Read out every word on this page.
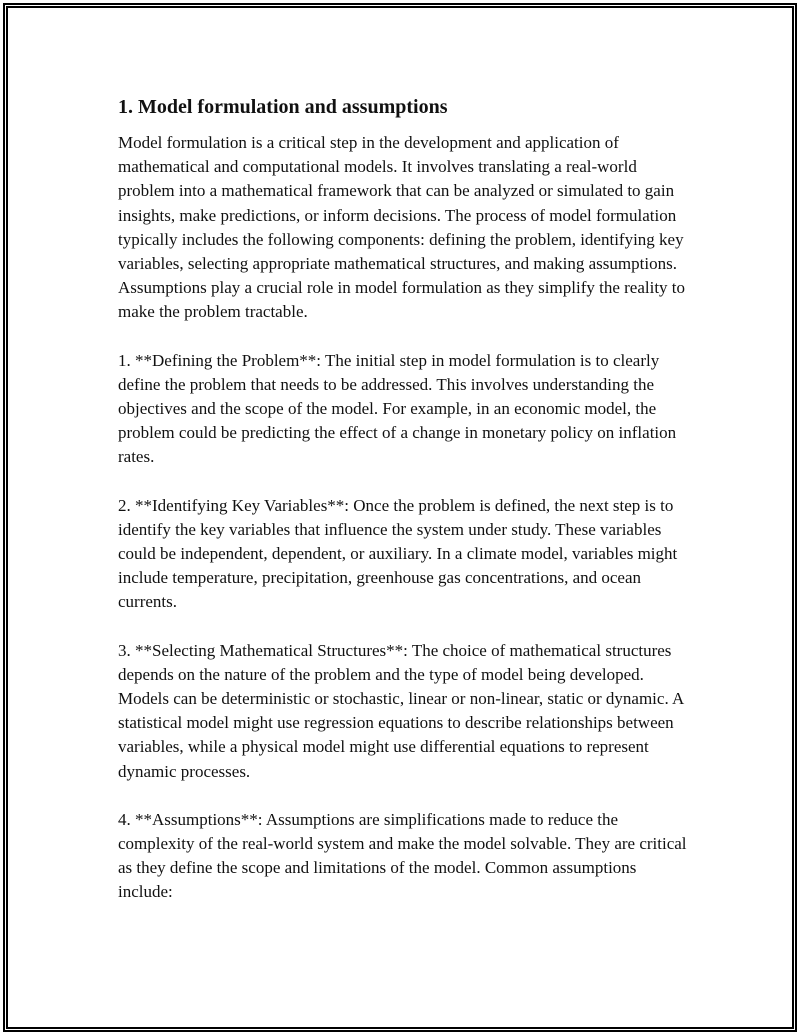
1. Model formulation and assumptions

Model formulation is a critical step in the development and application of mathematical and computational models. It involves translating a real-world problem into a mathematical framework that can be analyzed or simulated to gain insights, make predictions, or inform decisions. The process of model formulation typically includes the following components: defining the problem, identifying key variables, selecting appropriate mathematical structures, and making assumptions. Assumptions play a crucial role in model formulation as they simplify the reality to make the problem tractable.

1. **Defining the Problem**: The initial step in model formulation is to clearly define the problem that needs to be addressed. This involves understanding the objectives and the scope of the model. For example, in an economic model, the problem could be predicting the effect of a change in monetary policy on inflation rates.

2. **Identifying Key Variables**: Once the problem is defined, the next step is to identify the key variables that influence the system under study. These variables could be independent, dependent, or auxiliary. In a climate model, variables might include temperature, precipitation, greenhouse gas concentrations, and ocean currents.

3. **Selecting Mathematical Structures**: The choice of mathematical structures depends on the nature of the problem and the type of model being developed. Models can be deterministic or stochastic, linear or non-linear, static or dynamic. A statistical model might use regression equations to describe relationships between variables, while a physical model might use differential equations to represent dynamic processes.

4. **Assumptions**: Assumptions are simplifications made to reduce the complexity of the real-world system and make the model solvable. They are critical as they define the scope and limitations of the model. Common assumptions include:
